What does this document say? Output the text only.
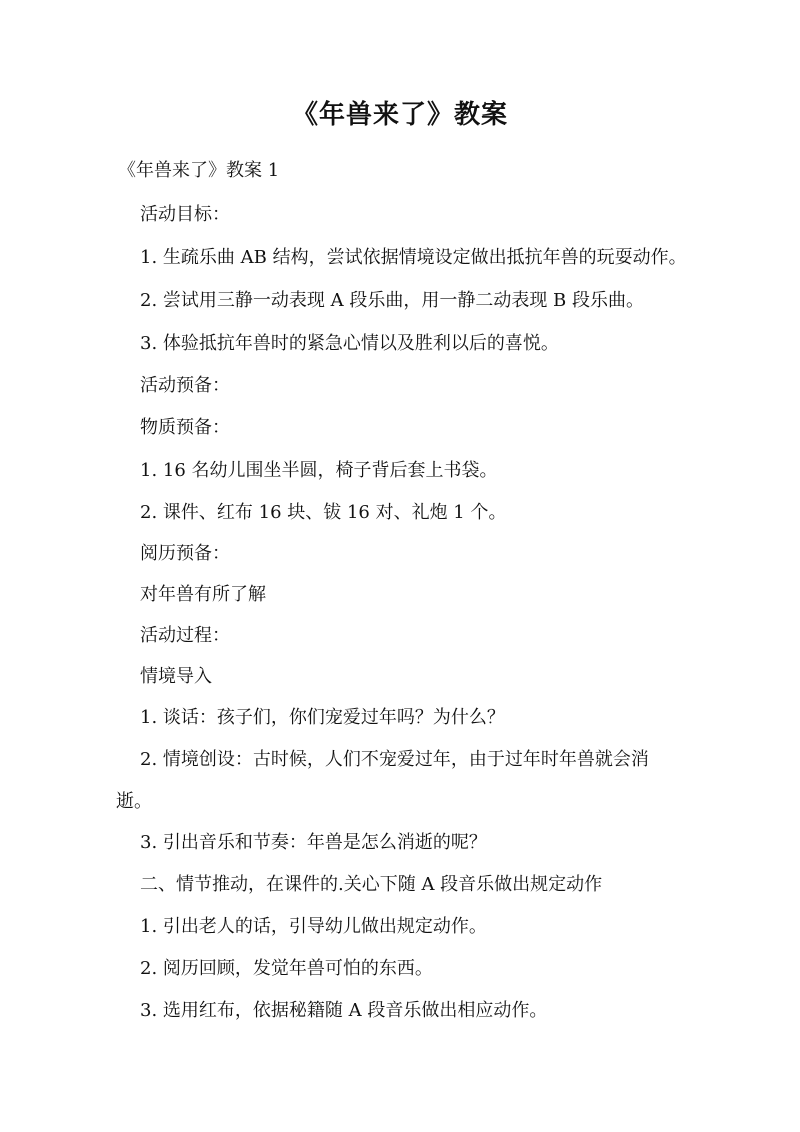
《年兽来了》教案
《年兽来了》教案 1
活动目标：
1. 生疏乐曲 AB 结构，尝试依据情境设定做出抵抗年兽的玩耍动作。
2. 尝试用三静一动表现 A 段乐曲，用一静二动表现 B 段乐曲。
3. 体验抵抗年兽时的紧急心情以及胜利以后的喜悦。
活动预备：
物质预备：
1. 16 名幼儿围坐半圆，椅子背后套上书袋。
2. 课件、红布 16 块、钹 16 对、礼炮 1 个。
阅历预备：
对年兽有所了解
活动过程：
情境导入
1. 谈话：孩子们，你们宠爱过年吗？为什么？
2. 情境创设：古时候，人们不宠爱过年，由于过年时年兽就会消
逝。
3. 引出音乐和节奏：年兽是怎么消逝的呢？
二、情节推动，在课件的.关心下随 A 段音乐做出规定动作
1. 引出老人的话，引导幼儿做出规定动作。
2. 阅历回顾，发觉年兽可怕的东西。
3. 选用红布，依据秘籍随 A 段音乐做出相应动作。
